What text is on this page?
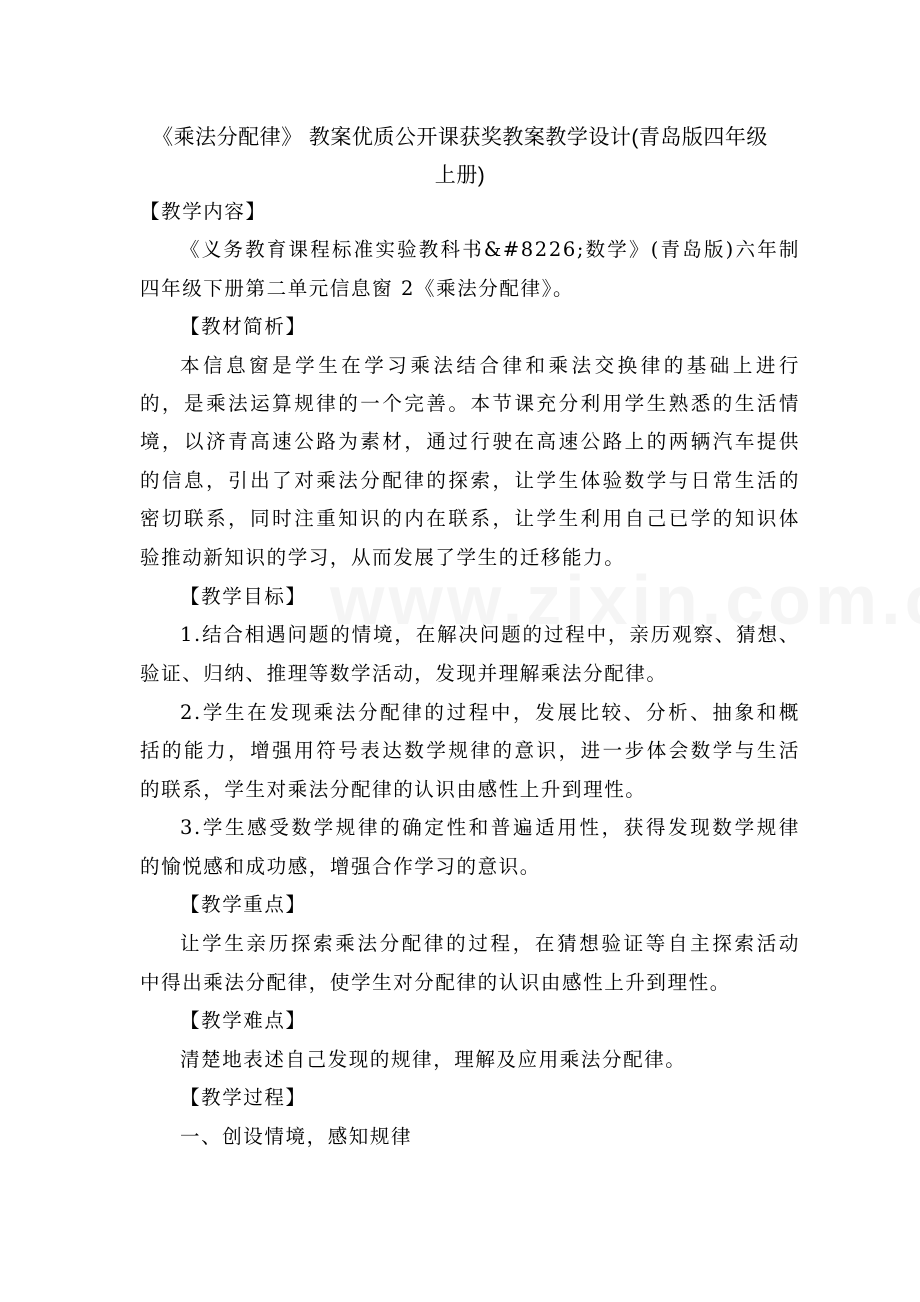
《乘法分配律》 教案优质公开课获奖教案教学设计(青岛版四年级
上册)
【教学内容】
《义务教育课程标准实验教科书&#8226;数学》(青岛版)六年制
四年级下册第二单元信息窗 2《乘法分配律》。
【教材简析】
本信息窗是学生在学习乘法结合律和乘法交换律的基础上进行
的，是乘法运算规律的一个完善。本节课充分利用学生熟悉的生活情
境，以济青高速公路为素材，通过行驶在高速公路上的两辆汽车提供
的信息，引出了对乘法分配律的探索，让学生体验数学与日常生活的
密切联系，同时注重知识的内在联系，让学生利用自己已学的知识体
验推动新知识的学习，从而发展了学生的迁移能力。
【教学目标】
1.结合相遇问题的情境，在解决问题的过程中，亲历观察、猜想、
验证、归纳、推理等数学活动，发现并理解乘法分配律。
2.学生在发现乘法分配律的过程中，发展比较、分析、抽象和概
括的能力，增强用符号表达数学规律的意识，进一步体会数学与生活
的联系，学生对乘法分配律的认识由感性上升到理性。
3.学生感受数学规律的确定性和普遍适用性，获得发现数学规律
的愉悦感和成功感，增强合作学习的意识。
【教学重点】
让学生亲历探索乘法分配律的过程，在猜想验证等自主探索活动
中得出乘法分配律，使学生对分配律的认识由感性上升到理性。
【教学难点】
清楚地表述自己发现的规律，理解及应用乘法分配律。
【教学过程】
一、创设情境，感知规律
